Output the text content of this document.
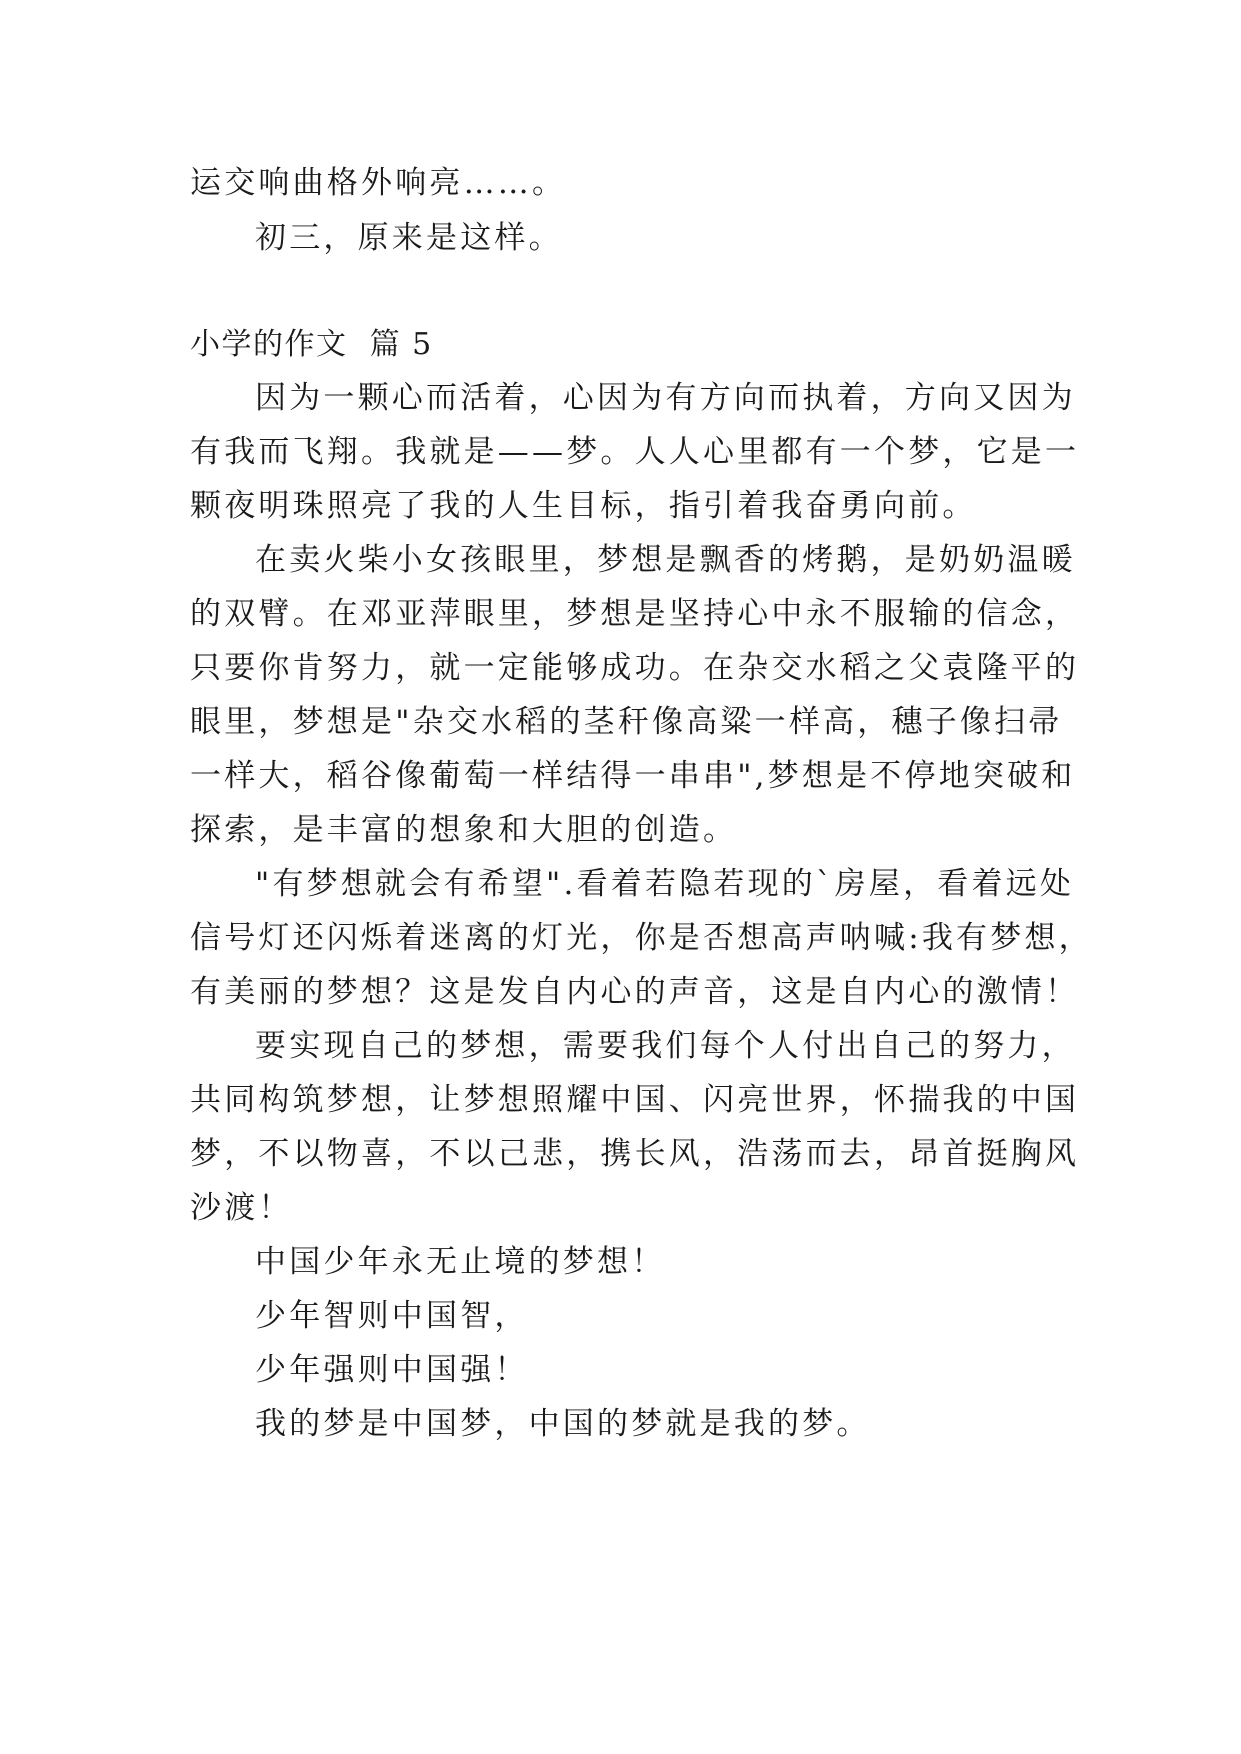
运交响曲格外响亮……。
初三，原来是这样。
小学的作文  篇 5
因为一颗心而活着，心因为有方向而执着，方向又因为
有我而飞翔。我就是——梦。人人心里都有一个梦，它是一
颗夜明珠照亮了我的人生目标，指引着我奋勇向前。
在卖火柴小女孩眼里，梦想是飘香的烤鹅，是奶奶温暖
的双臂。在邓亚萍眼里，梦想是坚持心中永不服输的信念，
只要你肯努力，就一定能够成功。在杂交水稻之父袁隆平的
眼里，梦想是"杂交水稻的茎秆像高粱一样高，穗子像扫帚
一样大，稻谷像葡萄一样结得一串串",梦想是不停地突破和
探索，是丰富的想象和大胆的创造。
"有梦想就会有希望".看着若隐若现的`房屋，看着远处
信号灯还闪烁着迷离的灯光，你是否想高声呐喊:我有梦想，
有美丽的梦想？这是发自内心的声音，这是自内心的激情！
要实现自己的梦想，需要我们每个人付出自己的努力，
共同构筑梦想，让梦想照耀中国、闪亮世界，怀揣我的中国
梦，不以物喜，不以己悲，携长风，浩荡而去，昂首挺胸风
沙渡！
中国少年永无止境的梦想！
少年智则中国智，
少年强则中国强！
我的梦是中国梦，中国的梦就是我的梦。
